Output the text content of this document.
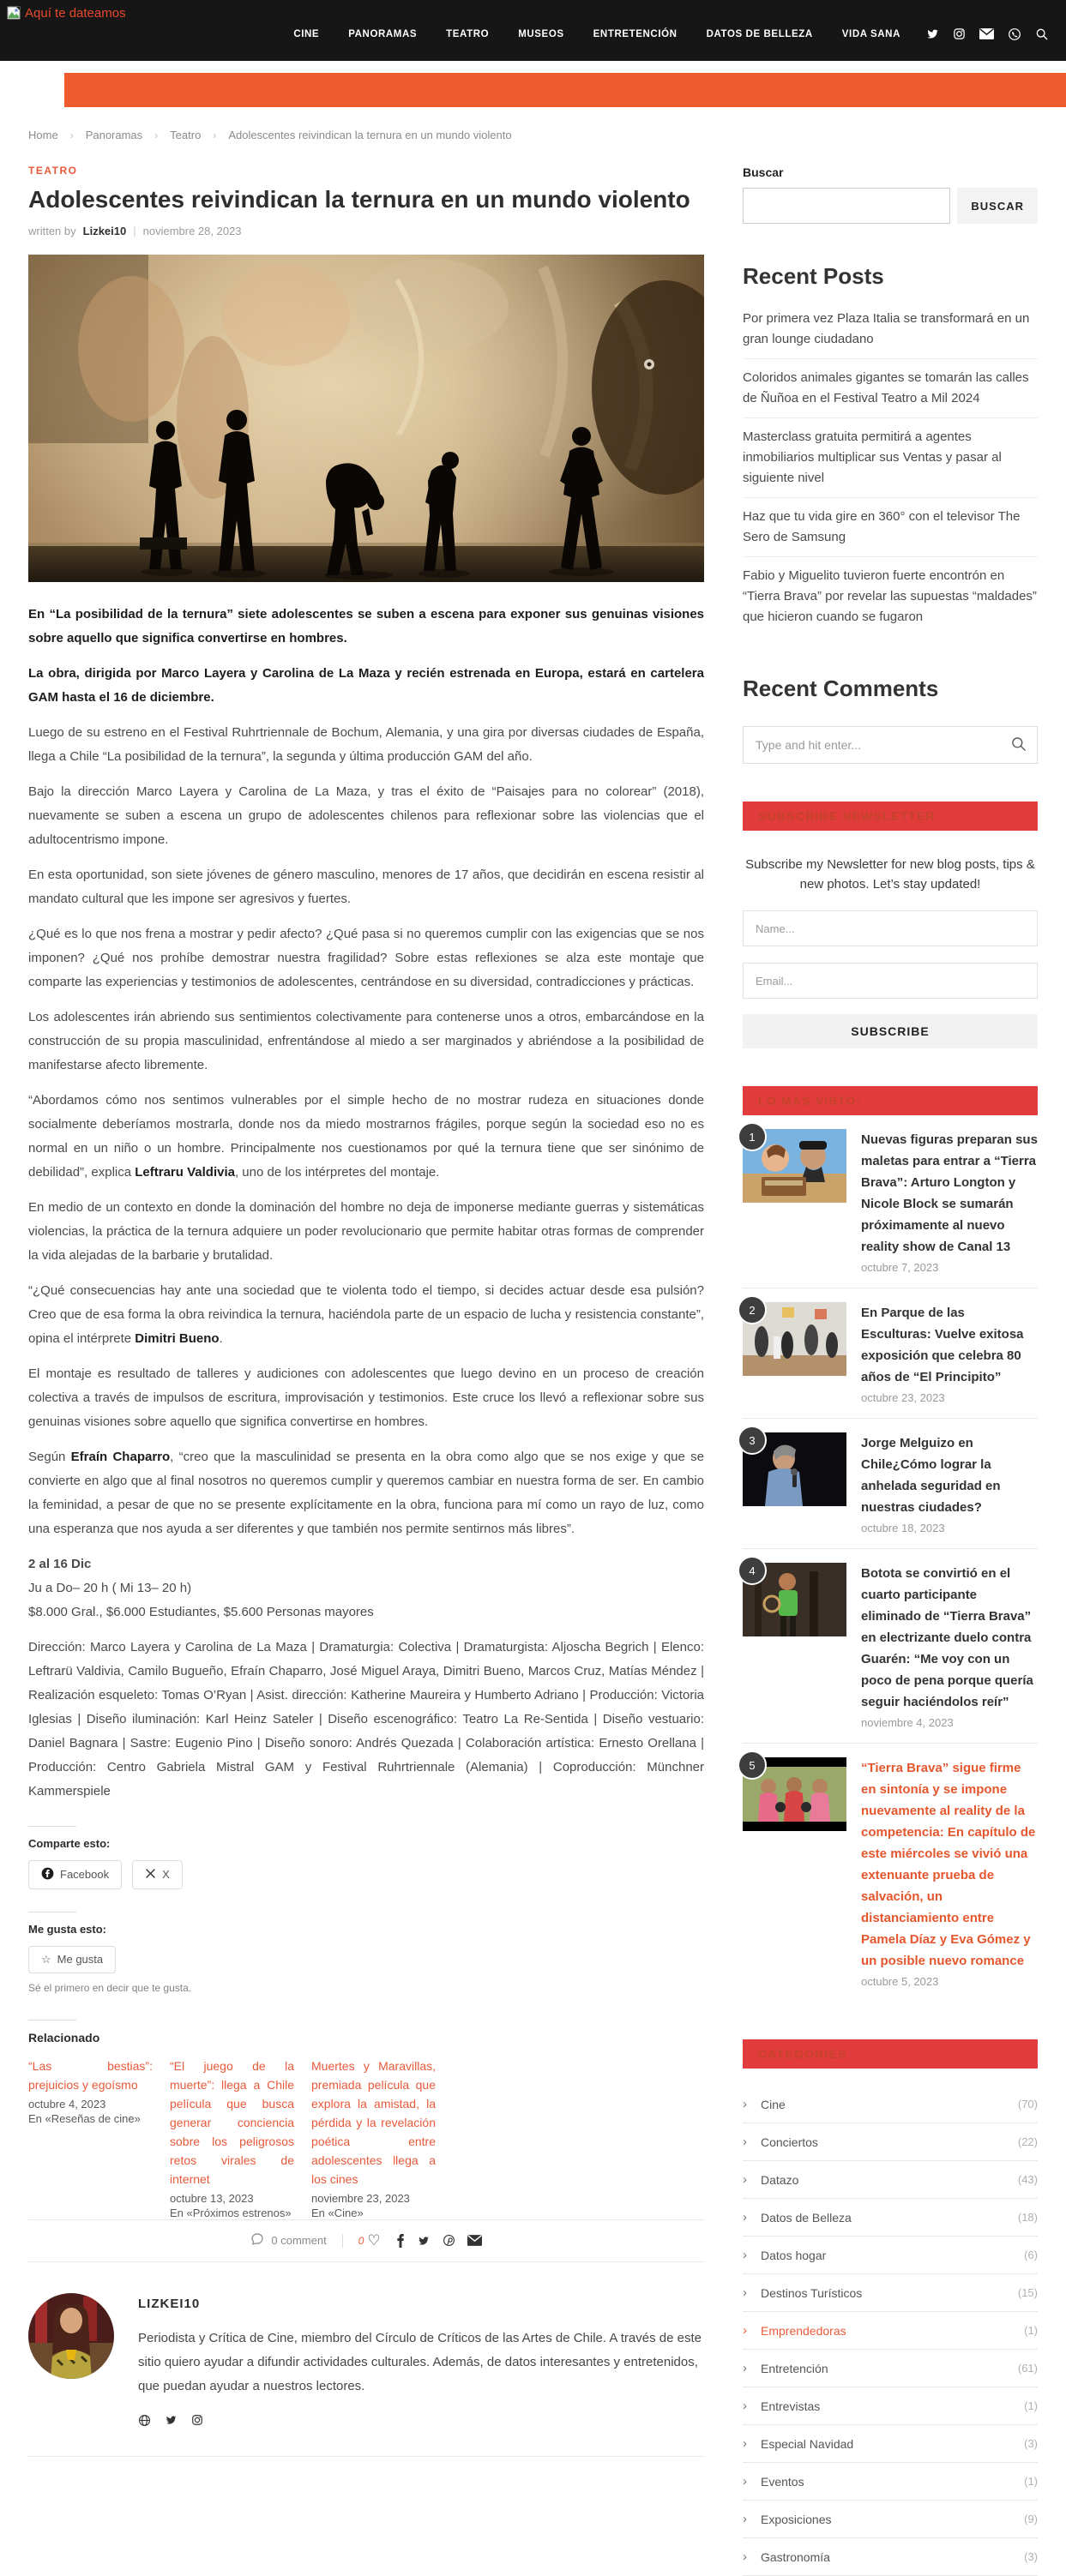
Aquí te dateamos
CINE	PANORAMAS	TEATRO	MUSEOS	ENTRETENCIÓN	DATOS DE BELLEZA	VIDA SANA
Home › Panoramas › Teatro › Adolescentes reivindican la ternura en un mundo violento
TEATRO
Adolescentes reivindican la ternura en un mundo violento
written by Lizkei10 | noviembre 28, 2023

En “La posibilidad de la ternura” siete adolescentes se suben a escena para exponer sus genuinas visiones sobre aquello que significa convertirse en hombres.

La obra, dirigida por Marco Layera y Carolina de La Maza y recién estrenada en Europa, estará en cartelera GAM hasta el 16 de diciembre.

Luego de su estreno en el Festival Ruhrtriennale de Bochum, Alemania, y una gira por diversas ciudades de España, llega a Chile “La posibilidad de la ternura”, la segunda y última producción GAM del año.

Bajo la dirección Marco Layera y Carolina de La Maza, y tras el éxito de “Paisajes para no colorear” (2018), nuevamente se suben a escena un grupo de adolescentes chilenos para reflexionar sobre las violencias que el adultocentrismo impone.

En esta oportunidad, son siete jóvenes de género masculino, menores de 17 años, que decidirán en escena resistir al mandato cultural que les impone ser agresivos y fuertes.

¿Qué es lo que nos frena a mostrar y pedir afecto? ¿Qué pasa si no queremos cumplir con las exigencias que se nos imponen? ¿Qué nos prohíbe demostrar nuestra fragilidad? Sobre estas reflexiones se alza este montaje que comparte las experiencias y testimonios de adolescentes, centrándose en su diversidad, contradicciones y prácticas.

Los adolescentes irán abriendo sus sentimientos colectivamente para contenerse unos a otros, embarcándose en la construcción de su propia masculinidad, enfrentándose al miedo a ser marginados y abriéndose a la posibilidad de manifestarse afecto libremente.

“Abordamos cómo nos sentimos vulnerables por el simple hecho de no mostrar rudeza en situaciones donde socialmente deberíamos mostrarla, donde nos da miedo mostrarnos frágiles, porque según la sociedad eso no es normal en un niño o un hombre. Principalmente nos cuestionamos por qué la ternura tiene que ser sinónimo de debilidad”, explica Leftraru Valdivia, uno de los intérpretes del montaje.

En medio de un contexto en donde la dominación del hombre no deja de imponerse mediante guerras y sistemáticas violencias, la práctica de la ternura adquiere un poder revolucionario que permite habitar otras formas de comprender la vida alejadas de la barbarie y brutalidad.

“¿Qué consecuencias hay ante una sociedad que te violenta todo el tiempo, si decides actuar desde esa pulsión? Creo que de esa forma la obra reivindica la ternura, haciéndola parte de un espacio de lucha y resistencia constante”, opina el intérprete Dimitri Bueno.

El montaje es resultado de talleres y audiciones con adolescentes que luego devino en un proceso de creación colectiva a través de impulsos de escritura, improvisación y testimonios. Este cruce los llevó a reflexionar sobre sus genuinas visiones sobre aquello que significa convertirse en hombres.

Según Efraín Chaparro, “creo que la masculinidad se presenta en la obra como algo que se nos exige y que se convierte en algo que al final nosotros no queremos cumplir y queremos cambiar en nuestra forma de ser. En cambio la feminidad, a pesar de que no se presente explícitamente en la obra, funciona para mí como un rayo de luz, como una esperanza que nos ayuda a ser diferentes y que también nos permite sentirnos más libres”.

2 al 16 Dic

Ju a Do– 20 h ( Mi 13– 20 h)

$8.000 Gral., $6.000 Estudiantes, $5.600 Personas mayores

Dirección: Marco Layera y Carolina de La Maza | Dramaturgia: Colectiva | Dramaturgista: Aljoscha Begrich | Elenco: Leftrarü Valdivia, Camilo Bugueño, Efraín Chaparro, José Miguel Araya, Dimitri Bueno, Marcos Cruz, Matías Méndez | Realización esqueleto: Tomas O’Ryan | Asist. dirección: Katherine Maureira y Humberto Adriano | Producción: Victoria Iglesias | Diseño iluminación: Karl Heinz Sateler | Diseño escenográfico: Teatro La Re-Sentida | Diseño vestuario: Daniel Bagnara | Sastre: Eugenio Pino | Diseño sonoro: Andrés Quezada | Colaboración artística: Ernesto Orellana | Producción: Centro Gabriela Mistral GAM y Festival Ruhrtriennale (Alemania) | Coproducción: Münchner Kammerspiele

Comparte esto:
Facebook	X
Me gusta esto:
☆ Me gusta
Sé el primero en decir que te gusta.
Relacionado
“Las bestias”: prejuicios y egoísmo
octubre 4, 2023
En «Reseñas de cine»
“El juego de la muerte”: llega a Chile película que busca generar conciencia sobre los peligrosos retos virales de internet
octubre 13, 2023
En «Próximos estrenos»
Muertes y Maravillas, premiada película que explora la amistad, la pérdida y la revelación poética entre adolescentes llega a los cines
noviembre 23, 2023
En «Cine»
0 comment	0 ♡
LIZKEI10
Periodista y Crítica de Cine, miembro del Círculo de Críticos de las Artes de Chile. A través de este sitio quiero ayudar a difundir actividades culturales. Además, de datos interesantes y entretenidos, que puedan ayudar a nuestros lectores.
Buscar
BUSCAR
Recent Posts
Por primera vez Plaza Italia se transformará en un gran lounge ciudadano
Coloridos animales gigantes se tomarán las calles de Ñuñoa en el Festival Teatro a Mil 2024
Masterclass gratuita permitirá a agentes inmobiliarios multiplicar sus Ventas y pasar al siguiente nivel
Haz que tu vida gire en 360° con el televisor The Sero de Samsung
Fabio y Miguelito tuvieron fuerte encontrón en “Tierra Brava” por revelar las supuestas “maldades” que hicieron cuando se fugaron
Recent Comments
Type and hit enter...
SUBSCRIBE NEWSLETTER
Subscribe my Newsletter for new blog posts, tips & new photos. Let’s stay updated!
Name... Email... SUBSCRIBE
LO MÁS VISTO:
1	Nuevas figuras preparan sus maletas para entrar a “Tierra Brava”: Arturo Longton y Nicole Block se sumarán próximamente al nuevo reality show de Canal 13
octubre 7, 2023
2	En Parque de las Esculturas: Vuelve exitosa exposición que celebra 80 años de “El Principito”
octubre 23, 2023
3	Jorge Melguizo en Chile¿Cómo lograr la anhelada seguridad en nuestras ciudades?
octubre 18, 2023
4	Botota se convirtió en el cuarto participante eliminado de “Tierra Brava” en electrizante duelo contra Guarén: “Me voy con un poco de pena porque quería seguir haciéndolos reír”
noviembre 4, 2023
5	“Tierra Brava” sigue firme en sintonía y se impone nuevamente al reality de la competencia: En capítulo de este miércoles se vivió una extenuante prueba de salvación, un distanciamiento entre Pamela Díaz y Eva Gómez y un posible nuevo romance
octubre 5, 2023
CATEGORIES
› Cine	(70)
› Conciertos	(22)
› Datazo	(43)
› Datos de Belleza	(18)
› Datos hogar	(6)
› Destinos Turísticos	(15)
› Emprendedoras	(1)
› Entretención	(61)
› Entrevistas	(1)
› Especial Navidad	(3)
› Eventos	(1)
› Exposiciones	(9)
› Gastronomía	(3)
